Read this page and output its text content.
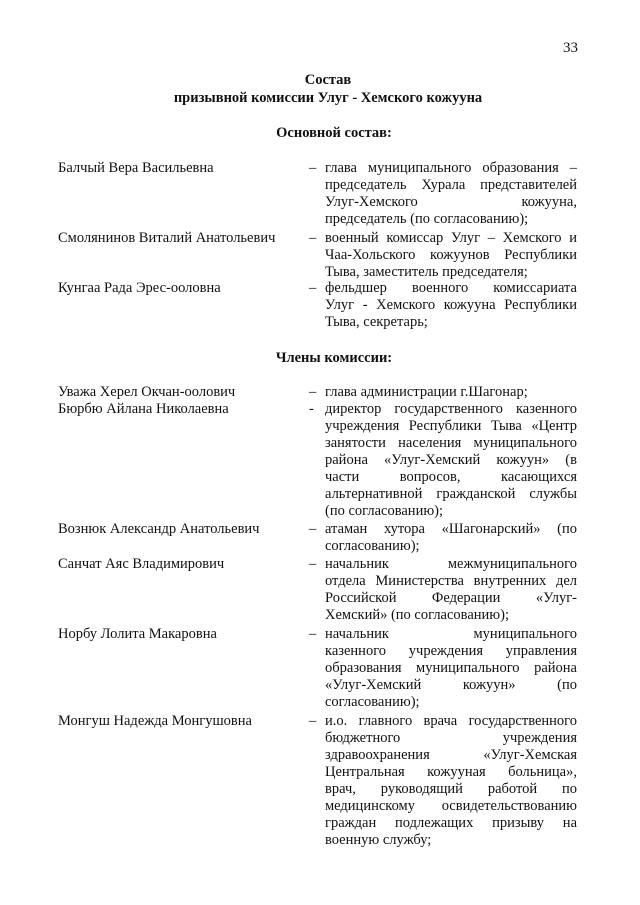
33
Состав
призывной комиссии Улуг - Хемского кожууна
Основной состав:
Балчый Вера Васильевна	– глава муниципального образования –
председатель Хурала представителей
Улуг-Хемского кожууна,
председатель (по согласованию);
Смолянинов Виталий Анатольевич – военный комиссар Улуг – Хемского и
Чаа-Хольского кожуунов Республики
Тыва, заместитель председателя;
Кунгаа Рада Эрес-ооловна	– фельдшер военного комиссариата
Улуг - Хемского кожууна Республики
Тыва, секретарь;
Члены комиссии:
Уважа Херел Окчан-оолович	– глава администрации г.Шагонар;
Бюрбю Айлана Николаевна	- директор государственного казенного
учреждения Республики Тыва «Центр
занятости населения муниципального
района «Улуг-Хемский кожуун» (в
части вопросов, касающихся
альтернативной гражданской службы
(по согласованию);
Вознюк Александр Анатольевич	– атаман хутора «Шагонарский» (по
согласованию);
Санчат Аяс Владимирович	– начальник межмуниципального
отдела Министерства внутренних дел
Российской Федерации «Улуг-
Хемский» (по согласованию);
Норбу Лолита Макаровна	– начальник муниципального
казенного учреждения управления
образования муниципального района
«Улуг-Хемский кожуун» (по
согласованию);
Монгуш Надежда Монгушовна	– и.о. главного врача государственного
бюджетного учреждения
здравоохранения «Улуг-Хемская
Центральная кожууная больница»,
врач, руководящий работой по
медицинскому освидетельствованию
граждан подлежащих призыву на
военную службу;
